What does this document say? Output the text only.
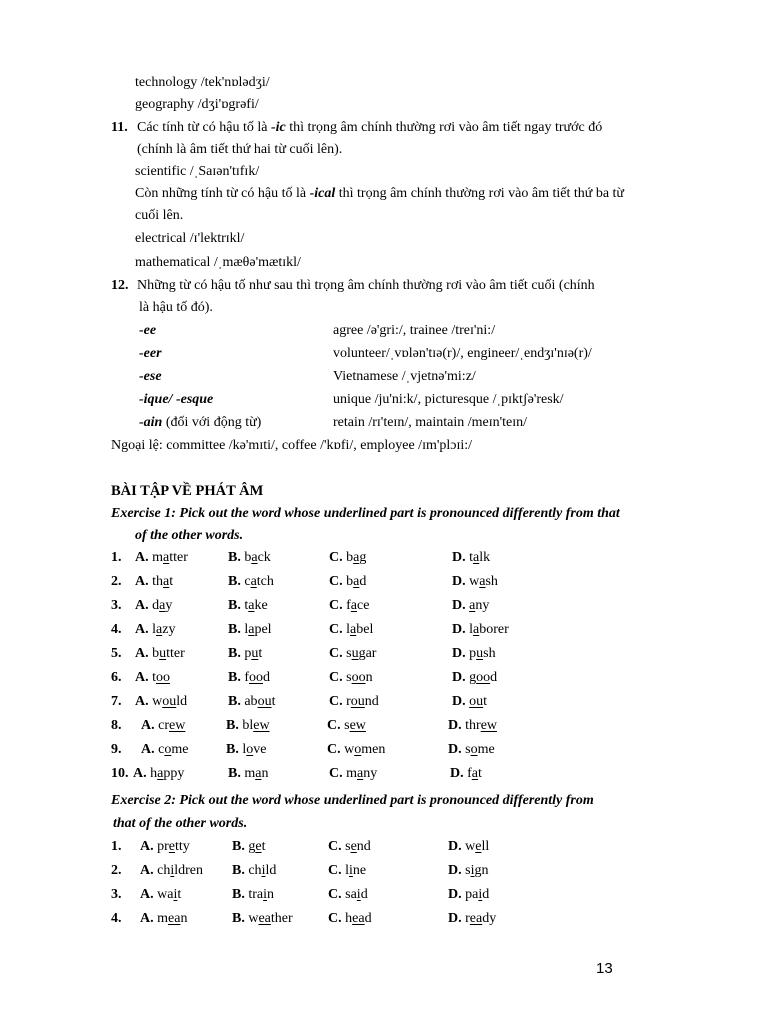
technology /tek'nɒlədʒi/
geography /dʒi'ɒgrəfi/
11. Các tính từ có hậu tố là -ic thì trọng âm chính thường rơi vào âm tiết ngay trước đó
(chính là âm tiết thứ hai từ cuối lên).
scientific /ˌSaɪən'tɪfɪk/
Còn những tính từ có hậu tố là -ical thì trọng âm chính thường rơi vào âm tiết thứ ba từ
cuối lên.
electrical /ɪ'lektrɪkl/
mathematical /ˌmæθə'mætɪkl/
12. Những từ có hậu tố như sau thì trọng âm chính thường rơi vào âm tiết cuối (chính
là hậu tố đó).
-ee	agree /ə'gri:/, trainee /treɪ'ni:/
-eer	volunteer/ˌvɒlən'tɪə(r)/, engineer/ˌendʒɪ'nɪə(r)/
-ese	Vietnamese /ˌvjetnə'mi:z/
-ique/ -esque	unique /ju'ni:k/, picturesque /ˌpɪktʃə'resk/
-ain (đối với động từ)	retain /rɪ'teɪn/, maintain /meɪn'teɪn/
Ngoại lệ: committee /kə'mɪti/, coffee /'kɒfi/, employee /ɪm'plɔɪi:/
BÀI TẬP VỀ PHÁT ÂM
Exercise 1: Pick out the word whose underlined part is pronounced differently from that
of the other words.
1. A. matter	B. back	C. bag	D. talk
2. A. that	B. catch	C. bad	D. wash
3. A. day	B. take	C. face	D. any
4. A. lazy	B. lapel	C. label	D. laborer
5. A. butter	B. put	C. sugar	D. push
6. A. too	B. food	C. soon	D. good
7. A. would	B. about	C. round	D. out
8. A. crew	B. blew	C. sew	D. threw
9. A. come	B. love	C. women	D. some
10. A. happy	B. man	C. many	D. fat
Exercise 2: Pick out the word whose underlined part is pronounced differently from
that of the other words.
1. A. pretty	B. get	C. send	D. well
2. A. children B. child	C. line	D. sign
3. A. wait	B. train	C. said	D. paid
4. A. mean	B. weather	C. head	D. ready
13
